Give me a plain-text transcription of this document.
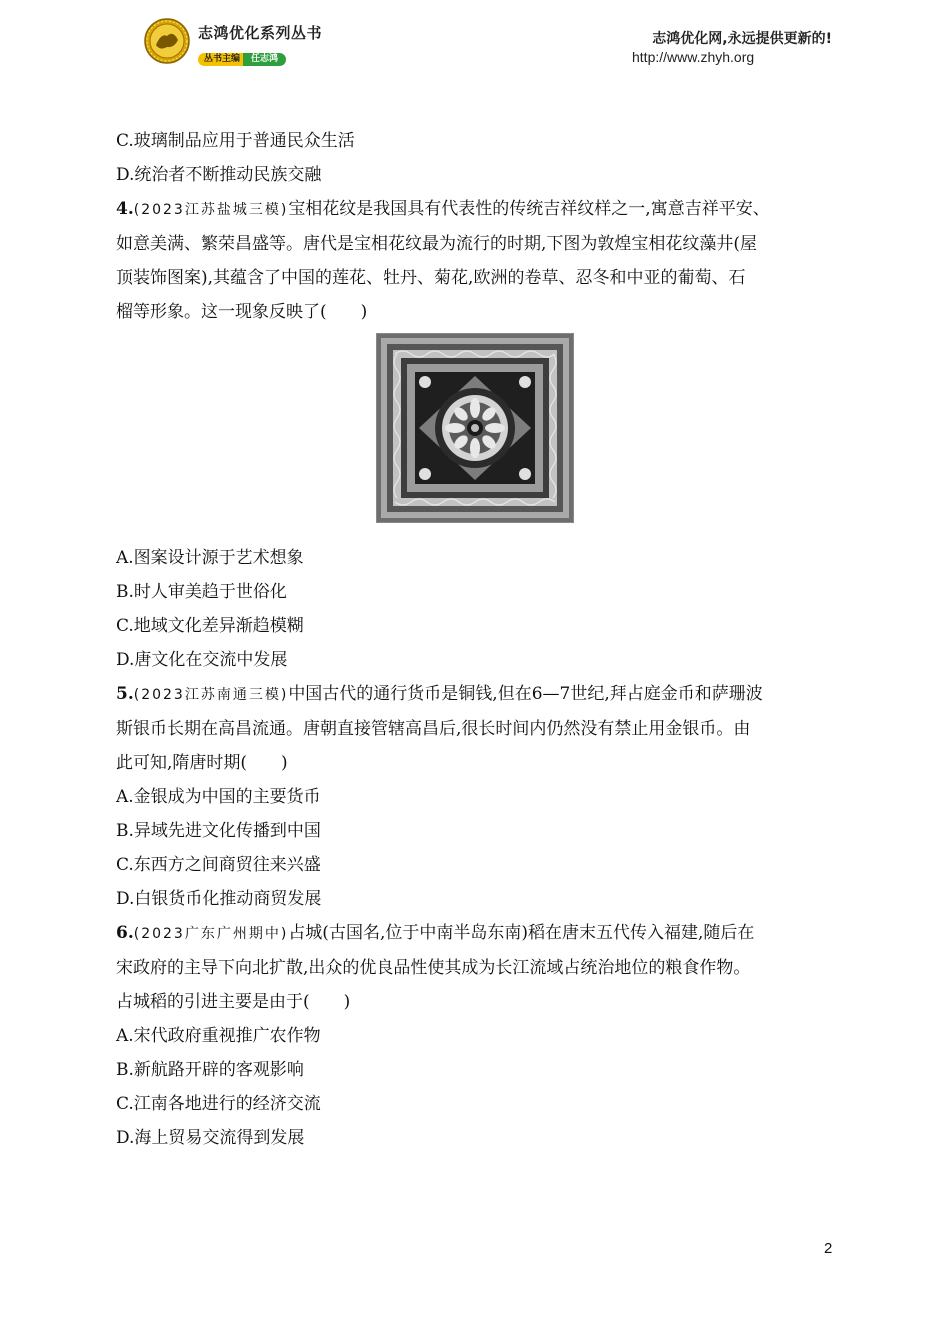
志鸿优化系列丛书
丛书主编 任志鸿
志鸿优化网,永远提供更新的!
http://www.zhyh.org
C.玻璃制品应用于普通民众生活
D.统治者不断推动民族交融
4.(2023江苏盐城三模)宝相花纹是我国具有代表性的传统吉祥纹样之一,寓意吉祥平安、
如意美满、繁荣昌盛等。唐代是宝相花纹最为流行的时期,下图为敦煌宝相花纹藻井(屋
顶装饰图案),其蕴含了中国的莲花、牡丹、菊花,欧洲的卷草、忍冬和中亚的葡萄、石
榴等形象。这一现象反映了(　　)
A.图案设计源于艺术想象
B.时人审美趋于世俗化
C.地域文化差异渐趋模糊
D.唐文化在交流中发展
5.(2023江苏南通三模)中国古代的通行货币是铜钱,但在6—7世纪,拜占庭金币和萨珊波
斯银币长期在高昌流通。唐朝直接管辖高昌后,很长时间内仍然没有禁止用金银币。由
此可知,隋唐时期(　　)
A.金银成为中国的主要货币
B.异域先进文化传播到中国
C.东西方之间商贸往来兴盛
D.白银货币化推动商贸发展
6.(2023广东广州期中)占城(古国名,位于中南半岛东南)稻在唐末五代传入福建,随后在
宋政府的主导下向北扩散,出众的优良品性使其成为长江流域占统治地位的粮食作物。
占城稻的引进主要是由于(　　)
A.宋代政府重视推广农作物
B.新航路开辟的客观影响
C.江南各地进行的经济交流
D.海上贸易交流得到发展
2
